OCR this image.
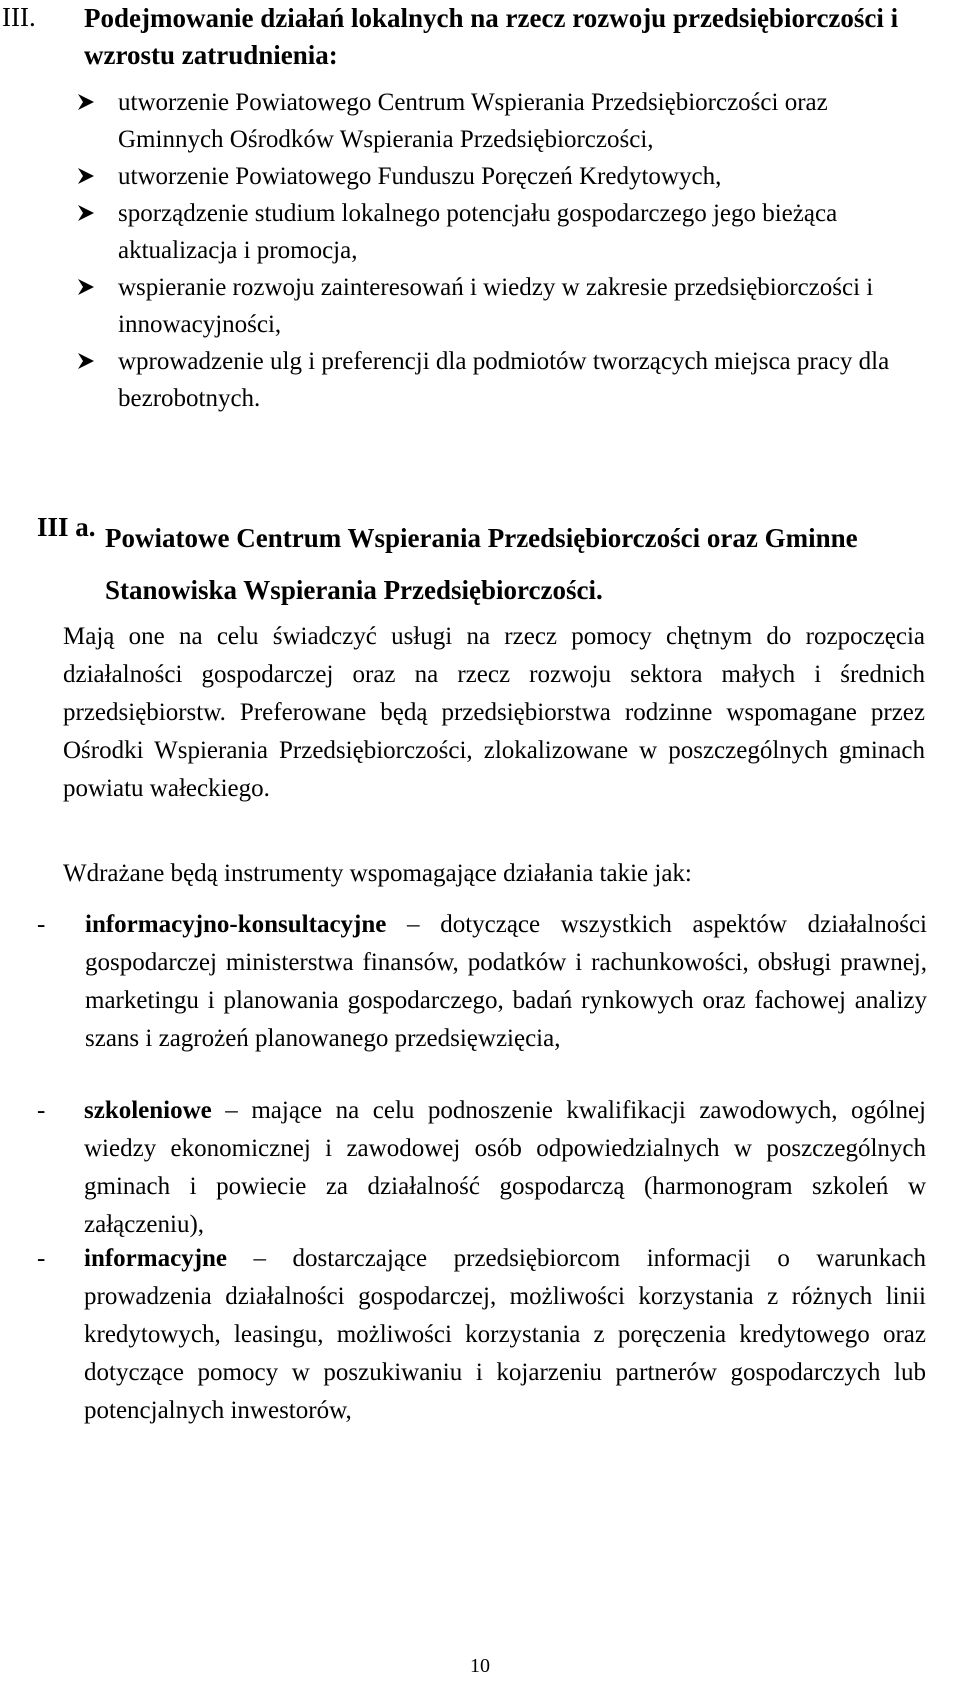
III. Podejmowanie działań lokalnych na rzecz rozwoju przedsiębiorczości i wzrostu zatrudnienia:
utworzenie Powiatowego Centrum Wspierania Przedsiębiorczości oraz Gminnych Ośrodków Wspierania Przedsiębiorczości,
utworzenie Powiatowego Funduszu Poręczeń Kredytowych,
sporządzenie studium lokalnego potencjału gospodarczego jego bieżąca aktualizacja i promocja,
wspieranie rozwoju zainteresowań i wiedzy w zakresie przedsiębiorczości i innowacyjności,
wprowadzenie ulg i preferencji dla podmiotów tworzących miejsca pracy dla bezrobotnych.
III a. Powiatowe Centrum Wspierania Przedsiębiorczości oraz Gminne Stanowiska Wspierania Przedsiębiorczości.
Mają one na celu świadczyć usługi na rzecz pomocy chętnym do rozpoczęcia działalności gospodarczej oraz na rzecz rozwoju sektora małych i średnich przedsiębiorstw. Preferowane będą przedsiębiorstwa rodzinne wspomagane przez Ośrodki Wspierania Przedsiębiorczości, zlokalizowane w poszczególnych gminach powiatu wałeckiego.
Wdrażane będą instrumenty wspomagające działania takie jak:
- informacyjno-konsultacyjne – dotyczące wszystkich aspektów działalności gospodarczej ministerstwa finansów, podatków i rachunkowości, obsługi prawnej, marketingu i planowania gospodarczego, badań rynkowych oraz fachowej analizy szans i zagrożeń planowanego przedsięwzięcia,
- szkoleniowe – mające na celu podnoszenie kwalifikacji zawodowych, ogólnej wiedzy ekonomicznej i zawodowej osób odpowiedzialnych w poszczególnych gminach i powiecie za działalność gospodarczą (harmonogram szkoleń w załączeniu),
- informacyjne – dostarczające przedsiębiorcom informacji o warunkach prowadzenia działalności gospodarczej, możliwości korzystania z różnych linii kredytowych, leasingu, możliwości korzystania z poręczenia kredytowego oraz dotyczące pomocy w poszukiwaniu i kojarzeniu partnerów gospodarczych lub potencjalnych inwestorów,
10
